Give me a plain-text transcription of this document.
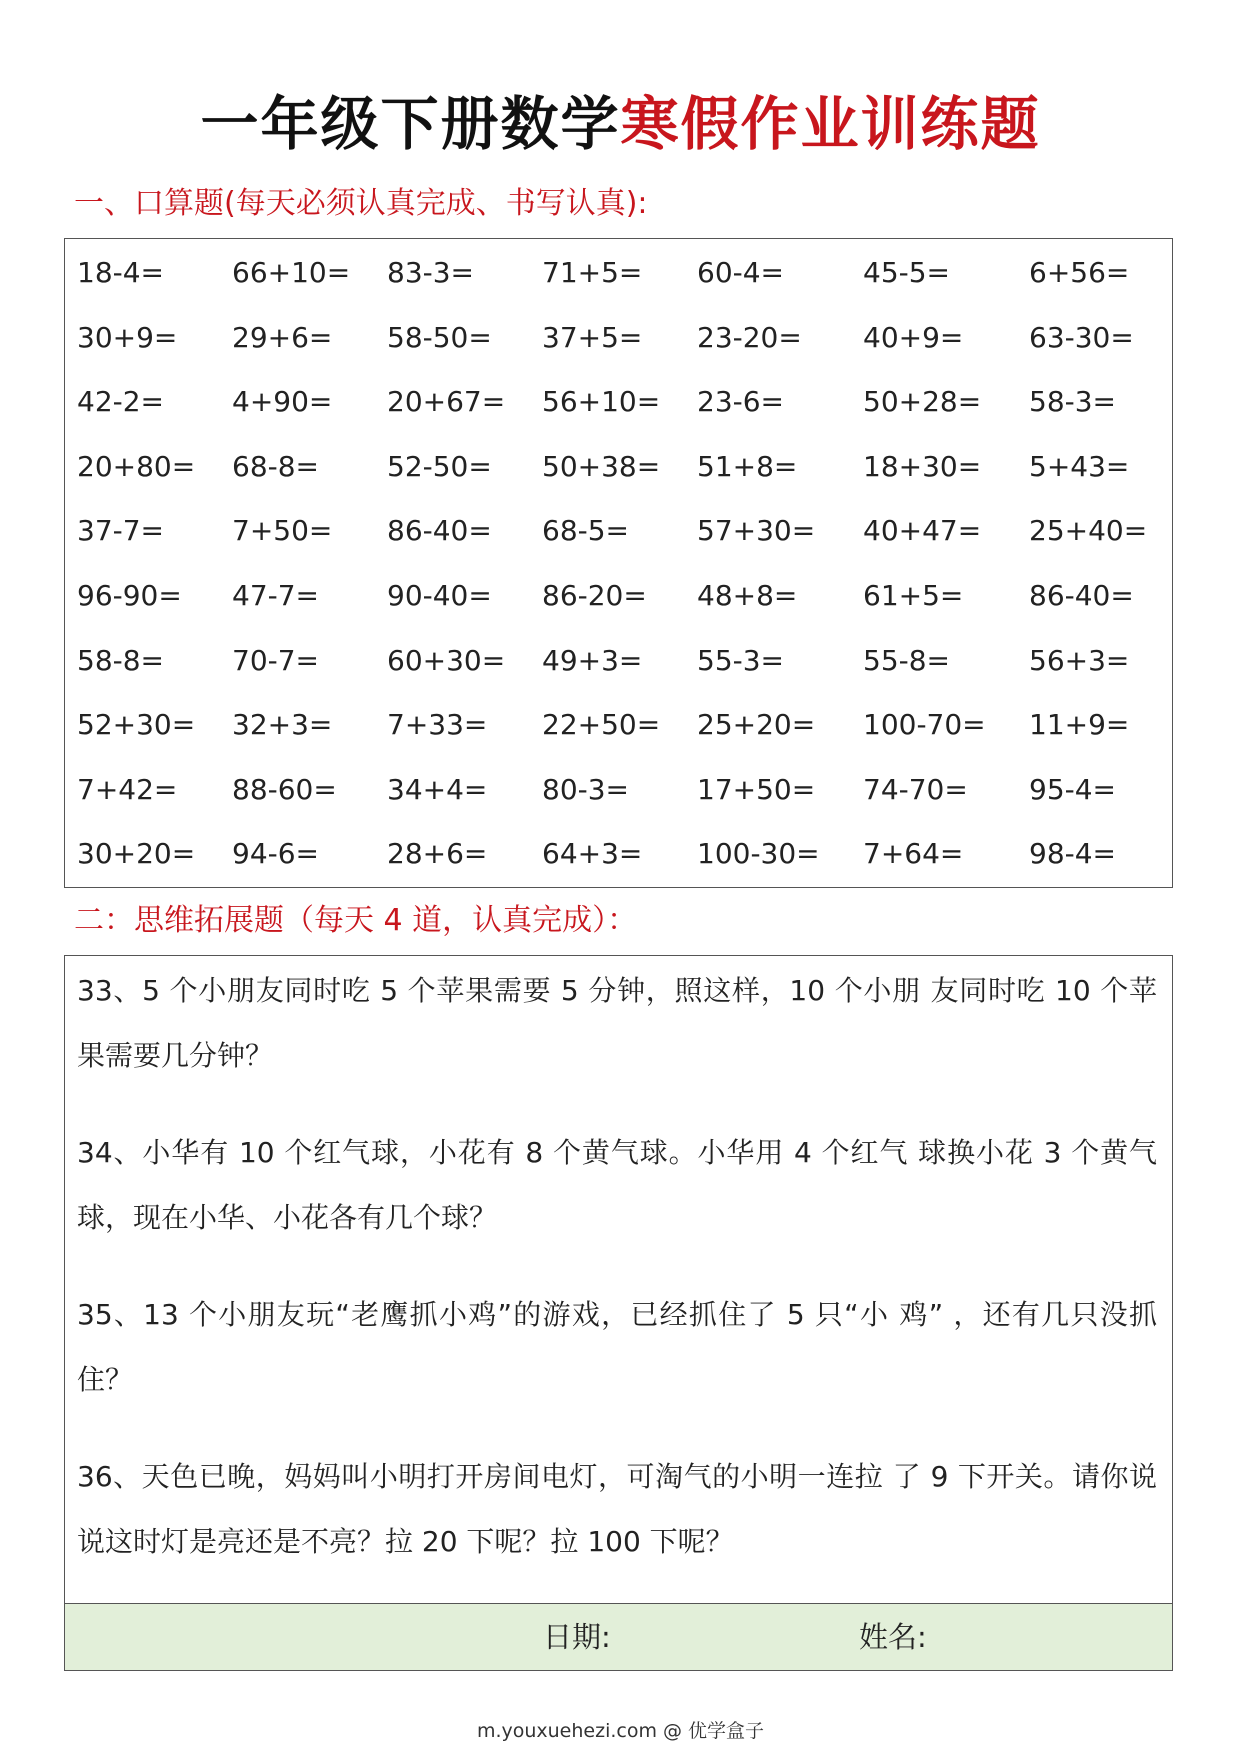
一年级下册数学寒假作业训练题
一、口算题(每天必须认真完成、书写认真):
18-4= 66+10= 83-3= 71+5= 60-4=	45-5=	6+56=
30+9= 29+6= 58-50= 37+5= 23-20= 40+9= 63-30=
42-2= 4+90= 20+67= 56+10= 23-6=	50+28= 58-3=
20+80= 68-8= 52-50= 50+38= 51+8= 18+30= 5+43=
37-7= 7+50= 86-40= 68-5= 57+30= 40+47= 25+40=
96-90= 47-7= 90-40= 86-20= 48+8= 61+5= 86-40=
58-8= 70-7= 60+30= 49+3= 55-3=	55-8=	56+3=
52+30= 32+3= 7+33= 22+50= 25+20= 100-70= 11+9=
7+42= 88-60= 34+4= 80-3= 17+50= 74-70= 95-4=
30+20= 94-6= 28+6= 64+3= 100-30= 7+64= 98-4=
二：思维拓展题（每天 4 道，认真完成）：
33、5 个小朋友同时吃 5 个苹果需要 5 分钟，照这样，10 个小朋 友同时吃 10 个苹果需要几分钟？
34、小华有 10 个红气球，小花有 8 个黄气球。小华用 4 个红气 球换小花 3 个黄气球，现在小华、小花各有几个球？
35、13 个小朋友玩“老鹰抓小鸡”的游戏，已经抓住了 5 只“小 鸡” ，还有几只没抓住？
36、天色已晚，妈妈叫小明打开房间电灯，可淘气的小明一连拉 了 9 下开关。请你说说这时灯是亮还是不亮？拉 20 下呢？拉 100 下呢？
日期:	姓名:
m.youxuehezi.com @ 优学盒子
